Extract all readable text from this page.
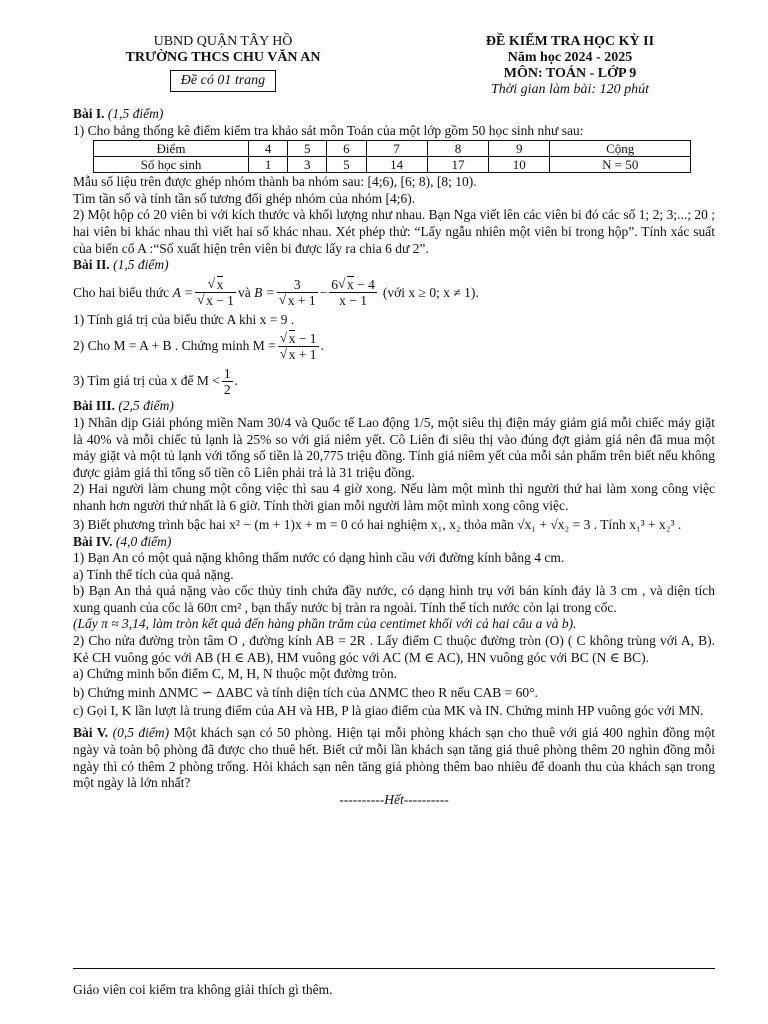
UBND QUẬN TÂY HỒ
TRƯỜNG THCS CHU VĂN AN
Đề có 01 trang
ĐỀ KIỂM TRA HỌC KỲ II
Năm học 2024 - 2025
MÔN: TOÁN - LỚP 9
Thời gian làm bài: 120 phút

Bài I. (1,5 điểm)

1) Cho bảng thống kê điểm kiểm tra khảo sát môn Toán của một lớp gồm 50 học sinh như sau:

Điểm	4	5	6	7	8	9	Cộng
Số học sinh	1	3	5	14	17	10	N = 50

Mẫu số liệu trên được ghép nhóm thành ba nhóm sau: [4;6), [6; 8), [8; 10).

Tìm tần số và tính tần số tương đối ghép nhóm của nhóm [4;6).

2) Một hộp có 20 viên bi với kích thước và khối lượng như nhau. Bạn Nga viết lên các viên bi đó các số 1; 2; 3;...; 20 ; hai viên bi khác nhau thì viết hai số khác nhau. Xét phép thử: “Lấy ngẫu nhiên một viên bi trong hộp”. Tính xác suất của biến cố A :“Số xuất hiện trên viên bi được lấy ra chia 6 dư 2”.

Bài II. (1,5 điểm)

Cho hai biểu thức A = √ x
√ x − 1 và B = 3
√ $x + 1 - \frac{6 √ x - 4}{x - 1}$ (với x ≥ 0; x ≠ 1).

1) Tính giá trị của biểu thức A khi x = 9 .

2) Cho M = A + B . Chứng minh M = √ x − 1
√ x + 1 .
3) Tìm giá trị của x để $M < \frac{1}{2}$ .

Bài III. (2,5 điểm)

1) Nhân dịp Giải phóng miền Nam 30/4 và Quốc tế Lao động 1/5, một siêu thị điện máy giảm giá mỗi chiếc máy giặt là 40% và mỗi chiếc tủ lạnh là 25% so với giá niêm yết. Cô Liên đi siêu thị vào đúng đợt giảm giá nên đã mua một máy giặt và một tủ lạnh với tổng số tiền là 20,775 triệu đồng. Tính giá niêm yết của mỗi sản phẩm trên biết nếu không được giảm giá thì tổng số tiền cô Liên phải trả là 31 triệu đồng.

2) Hai người làm chung một công việc thì sau 4 giờ xong. Nếu làm một mình thì người thứ hai làm xong công việc nhanh hơn người thứ nhất là 6 giờ. Tính thời gian mỗi người làm một mình xong công việc.

3) Biết phương trình bậc hai x² − (m + 1)x + m = 0 có hai nghiệm x₁, x₂ thỏa mãn √x₁ + √x₂ = 3 . Tính x₁³ + x₂³ .

Bài IV. (4,0 điểm)

1) Bạn An có một quả nặng không thấm nước có dạng hình cầu với đường kính bằng 4 cm.

a) Tính thể tích của quả nặng.

b) Bạn An thả quả nặng vào cốc thủy tinh chứa đầy nước, có dạng hình trụ với bán kính đáy là 3 cm , và diện tích xung quanh của cốc là 60π cm² , bạn thấy nước bị tràn ra ngoài. Tính thể tích nước còn lại trong cốc.

(Lấy π ≈ 3,14, làm tròn kết quả đến hàng phần trăm của centimet khối với cả hai câu a và b).

2) Cho nửa đường tròn tâm O , đường kính AB = 2R . Lấy điểm C thuộc đường tròn (O) ( C không trùng với A, B). Kẻ CH vuông góc với AB (H ∈ AB), HM vuông góc với AC (M ∈ AC), HN vuông góc với BC (N ∈ BC).

a) Chứng minh bốn điểm C, M, H, N thuộc một đường tròn.

b) Chứng minh ΔNMC ∽ ΔABC và tính diện tích của ΔNMC theo R nếu CAB = 60°.

c) Gọi I, K lần lượt là trung điểm của AH và HB, P là giao điểm của MK và IN. Chứng minh HP vuông góc với MN.

Bài V. (0,5 điểm) Một khách sạn có 50 phòng. Hiện tại mỗi phòng khách sạn cho thuê với giá 400 nghìn đồng một ngày và toàn bộ phòng đã được cho thuê hết. Biết cứ mỗi lần khách sạn tăng giá thuê phòng thêm 20 nghìn đồng mỗi ngày thì có thêm 2 phòng trống. Hỏi khách sạn nên tăng giá phòng thêm bao nhiêu để doanh thu của khách sạn trong một ngày là lớn nhất?

----------Hết----------

Giáo viên coi kiểm tra không giải thích gì thêm.
